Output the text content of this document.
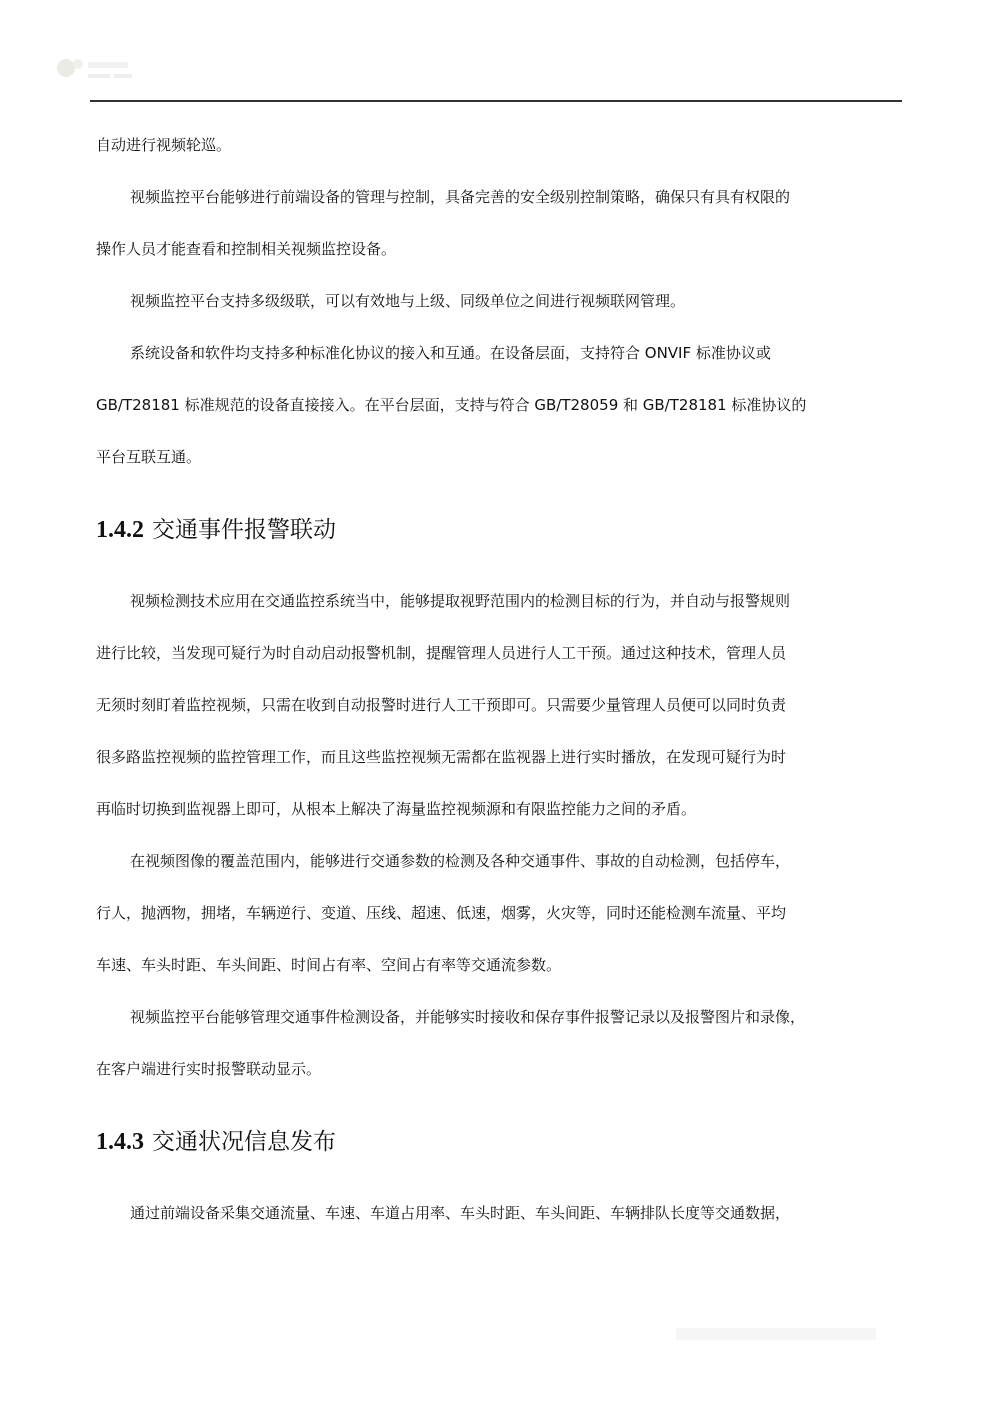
自动进行视频轮巡。

视频监控平台能够进行前端设备的管理与控制，具备完善的安全级别控制策略，确保只有具有权限的
操作人员才能查看和控制相关视频监控设备。

视频监控平台支持多级级联，可以有效地与上级、同级单位之间进行视频联网管理。

系统设备和软件均支持多种标准化协议的接入和互通。在设备层面，支持符合 ONVIF 标准协议或
GB/T28181 标准规范的设备直接接入。在平台层面，支持与符合 GB/T28059 和 GB/T28181 标准协议的
平台互联互通。

1.4.2 交通事件报警联动

视频检测技术应用在交通监控系统当中，能够提取视野范围内的检测目标的行为，并自动与报警规则
进行比较，当发现可疑行为时自动启动报警机制，提醒管理人员进行人工干预。通过这种技术，管理人员
无须时刻盯着监控视频，只需在收到自动报警时进行人工干预即可。只需要少量管理人员便可以同时负责
很多路监控视频的监控管理工作，而且这些监控视频无需都在监视器上进行实时播放，在发现可疑行为时
再临时切换到监视器上即可，从根本上解决了海量监控视频源和有限监控能力之间的矛盾。

在视频图像的覆盖范围内，能够进行交通参数的检测及各种交通事件、事故的自动检测，包括停车，
行人，抛洒物，拥堵，车辆逆行、变道、压线、超速、低速，烟雾，火灾等，同时还能检测车流量、平均
车速、车头时距、车头间距、时间占有率、空间占有率等交通流参数。

视频监控平台能够管理交通事件检测设备，并能够实时接收和保存事件报警记录以及报警图片和录像，
在客户端进行实时报警联动显示。

1.4.3 交通状况信息发布

通过前端设备采集交通流量、车速、车道占用率、车头时距、车头间距、车辆排队长度等交通数据，
